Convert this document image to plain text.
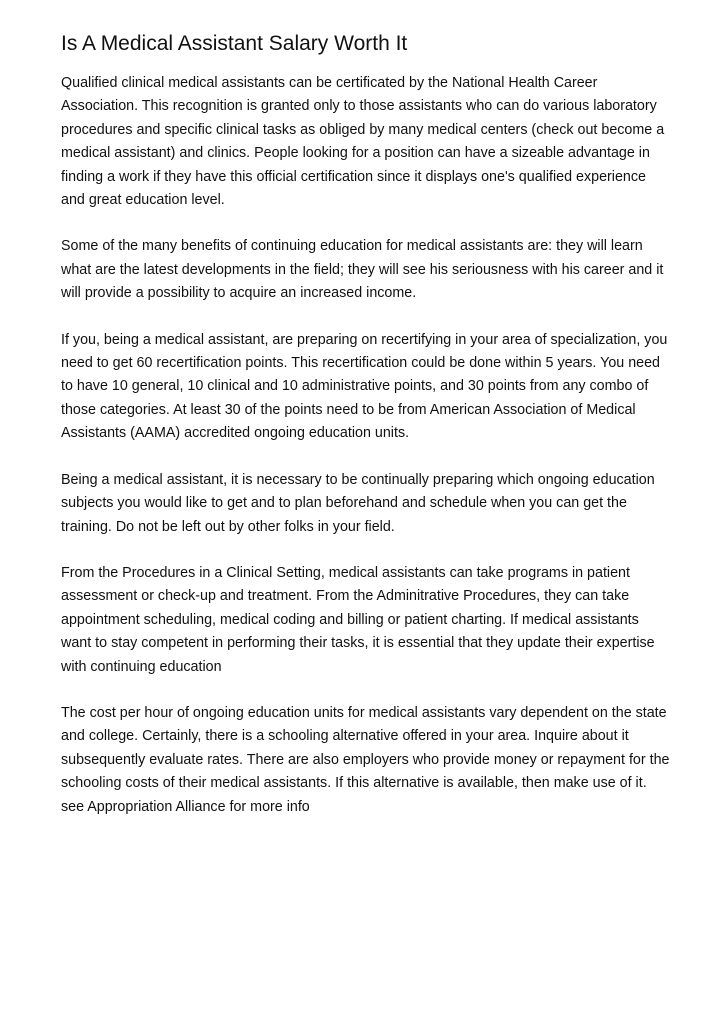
Is A Medical Assistant Salary Worth It

Qualified clinical medical assistants can be certificated by the National Health Career Association. This recognition is granted only to those assistants who can do various laboratory procedures and specific clinical tasks as obliged by many medical centers (check out become a medical assistant) and clinics. People looking for a position can have a sizeable advantage in finding a work if they have this official certification since it displays one's qualified experience and great education level.

Some of the many benefits of continuing education for medical assistants are: they will learn what are the latest developments in the field; they will see his seriousness with his career and it will provide a possibility to acquire an increased income.

If you, being a medical assistant, are preparing on recertifying in your area of specialization, you need to get 60 recertification points. This recertification could be done within 5 years. You need to have 10 general, 10 clinical and 10 administrative points, and 30 points from any combo of those categories. At least 30 of the points need to be from American Association of Medical Assistants (AAMA) accredited ongoing education units.

Being a medical assistant, it is necessary to be continually preparing which ongoing education subjects you would like to get and to plan beforehand and schedule when you can get the training. Do not be left out by other folks in your field.

From the Procedures in a Clinical Setting, medical assistants can take programs in patient assessment or check-up and treatment. From the Adminitrative Procedures, they can take appointment scheduling, medical coding and billing or patient charting. If medical assistants want to stay competent in performing their tasks, it is essential that they update their expertise with continuing education

The cost per hour of ongoing education units for medical assistants vary dependent on the state and college. Certainly, there is a schooling alternative offered in your area. Inquire about it subsequently evaluate rates. There are also employers who provide money or repayment for the schooling costs of their medical assistants. If this alternative is available, then make use of it. see Appropriation Alliance for more info
